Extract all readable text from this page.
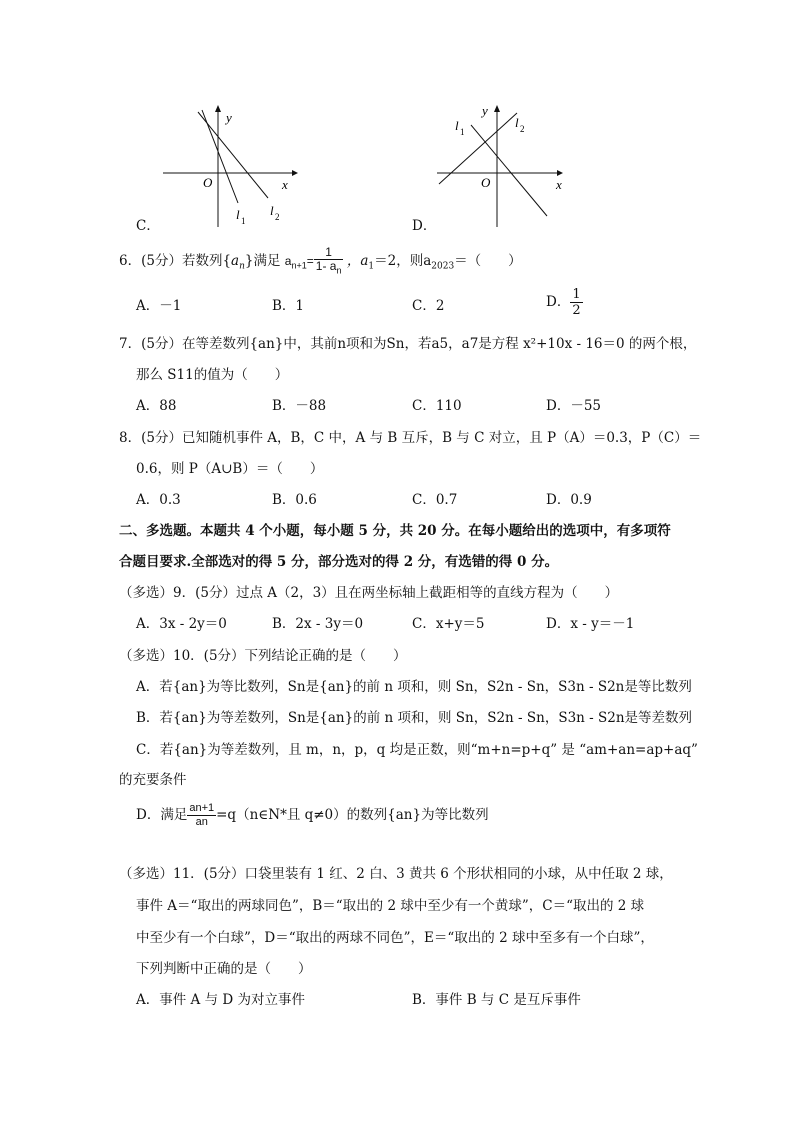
y
O	x
l 1
l 2
C．
y
O	x
l 1
l 2
D．
6．(5分）若数列$\{a_n\}$满足 $a_{n+1}= \frac{1}{1- a_n}$ ，$a_1=2$，则$a_{2023}=$（　　）
A．－1	B．1	C．2	D． $\frac{1}{2}$
7．(5分）在等差数列{an}中，其前n项和为Sn，若a5，a7是方程 x²+10x - 16＝0 的两个根，
那么 S11的值为（　　）
A．88	B．－88	C．110	D．－55
8．(5分）已知随机事件 A，B，C 中，A 与 B 互斥，B 与 C 对立，且 P（A）＝0.3，P（C）＝
0.6，则 P（A∪B）＝（　　）
A．0.3	B．0.6	C．0.7	D．0.9
二、多选题。本题共 4 个小题，每小题 5 分，共 20 分。在每小题给出的选项中，有多项符
合题目要求.全部选对的得 5 分，部分选对的得 2 分，有选错的得 0 分。
（多选）9．(5分）过点 A（2，3）且在两坐标轴上截距相等的直线方程为（　　）
A．3x - 2y＝0	B．2x - 3y＝0	C．x+y＝5	D．x - y＝－1
（多选）10．(5分）下列结论正确的是（　　）
A．若{an}为等比数列，Sn是{an}的前 n 项和，则 Sn，S2n - Sn，S3n - S2n是等比数列
B．若{an}为等差数列，Sn是{an}的前 n 项和，则 Sn，S2n - Sn，S3n - S2n是等差数列
C．若{an}为等差数列，且 m，n，p，q 均是正数，则“m+n=p+q” 是 “am+an=ap+aq”
的充要条件
D．满足 $\frac{an+1}{an}$ =q（n∈N*且 q≠0）的数列{an}为等比数列
（多选）11．(5分）口袋里装有 1 红、2 白、3 黄共 6 个形状相同的小球，从中任取 2 球，
事件 A＝“取出的两球同色”，B＝“取出的 2 球中至少有一个黄球”，C＝“取出的 2 球
中至少有一个白球”，D＝“取出的两球不同色”，E＝“取出的 2 球中至多有一个白球”，
下列判断中正确的是（　　）
A．事件 A 与 D 为对立事件	B．事件 B 与 C 是互斥事件
